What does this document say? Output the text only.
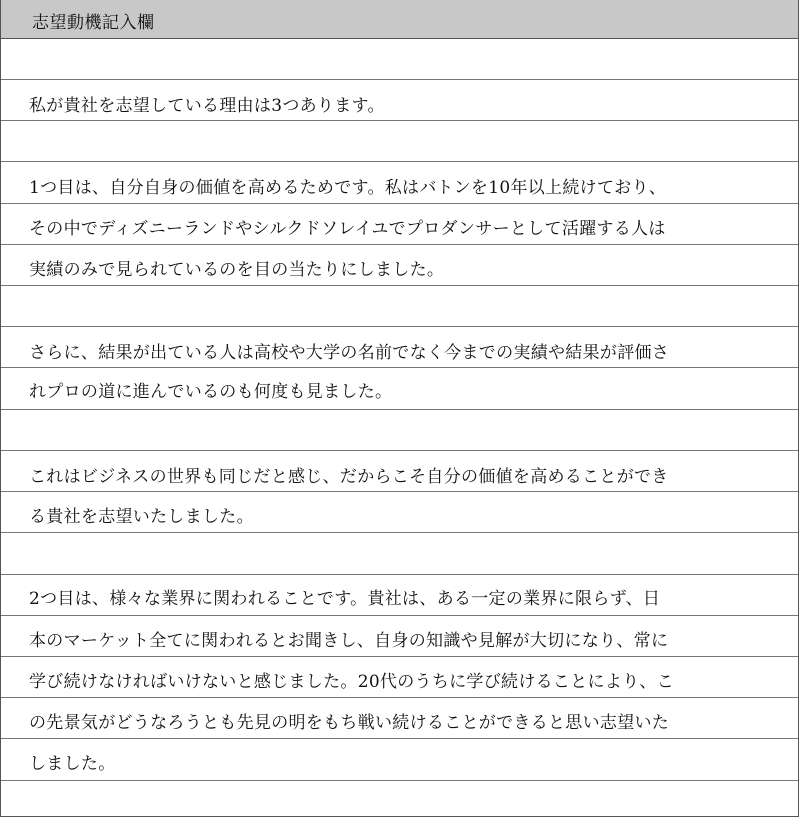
志望動機記入欄
私が貴社を志望している理由は3つあります。
1つ目は、自分自身の価値を高めるためです。私はバトンを10年以上続けており、
その中でディズニーランドやシルクドソレイユでプロダンサーとして活躍する人は
実績のみで見られているのを目の当たりにしました。
さらに、結果が出ている人は高校や大学の名前でなく今までの実績や結果が評価さ
れプロの道に進んでいるのも何度も見ました。
これはビジネスの世界も同じだと感じ、だからこそ自分の価値を高めることができ
る貴社を志望いたしました。
2つ目は、様々な業界に関われることです。貴社は、ある一定の業界に限らず、日
本のマーケット全てに関われるとお聞きし、自身の知識や見解が大切になり、常に
学び続けなければいけないと感じました。20代のうちに学び続けることにより、こ
の先景気がどうなろうとも先見の明をもち戦い続けることができると思い志望いた
しました。
